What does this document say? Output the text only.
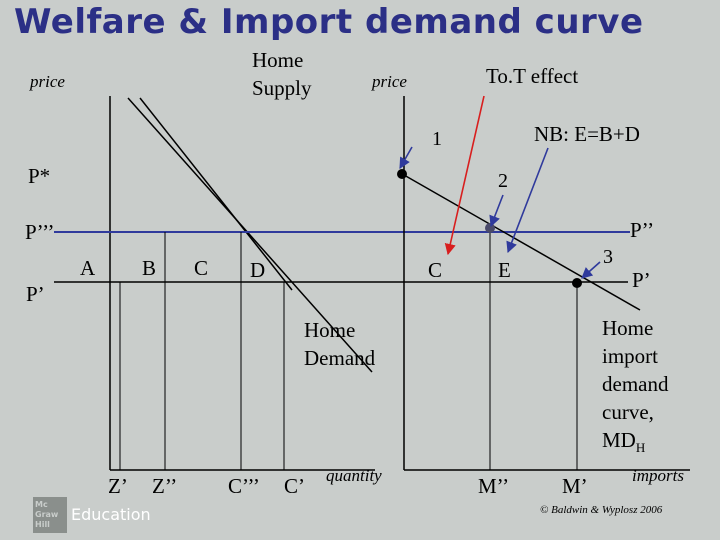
Welfare & Import demand curve
price
Home Supply
P*
P’’’
P’
A B C D
Home Demand
Z’ Z’’ C’’’ C’ quantity
price	To.T effect
1	NB: E=B+D
2
P’’
3
C	E	P’
Home import demand curve, $MD_H$
M’’	M’	imports
Mc Graw Hill
Education	© Baldwin & Wyplosz 2006
